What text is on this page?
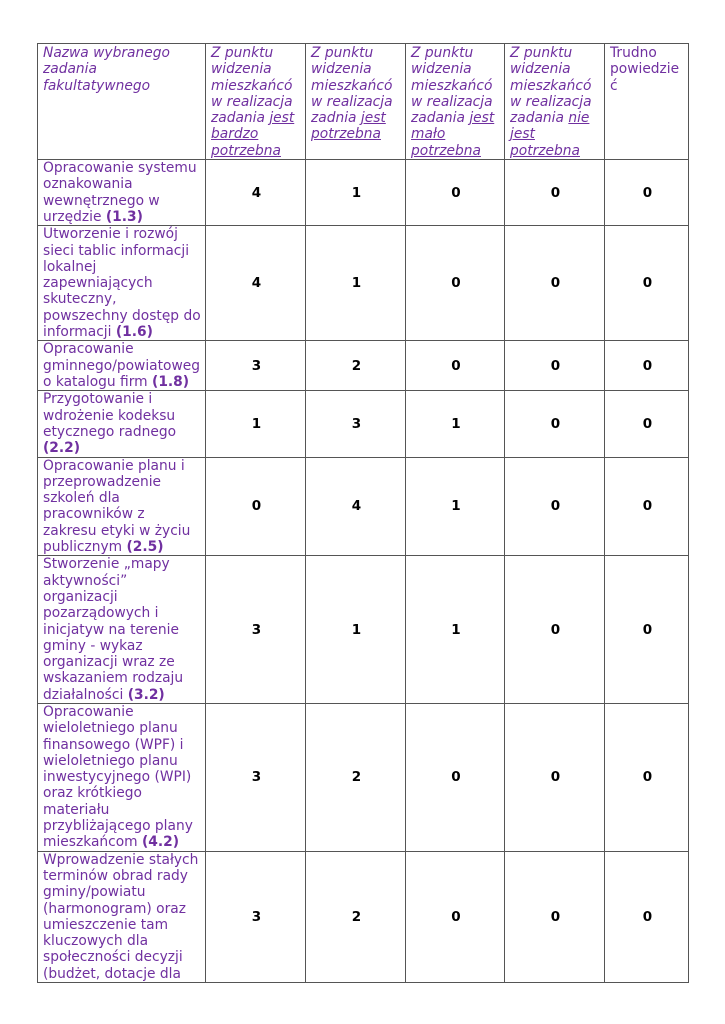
Nazwa wybranego zadania fakultatywnego	Z punktu widzenia mieszkańcó w realizacja zadania jest bardzo potrzebna	Z punktu widzenia mieszkańcó w realizacja zadnia jest potrzebna	Z punktu widzenia mieszkańcó w realizacja zadania jest mało potrzebna	Z punktu widzenia mieszkańcó w realizacja zadania nie jest potrzebna	Trudno powiedzie ć
Opracowanie systemu oznakowania wewnętrznego w urzędzie (1.3)	4	1	0	0	0
Utworzenie i rozwój sieci tablic informacji lokalnej zapewniających skuteczny, powszechny dostęp do informacji (1.6)	4	1	0	0	0
Opracowanie gminnego/powiatoweg o katalogu firm (1.8)	3	2	0	0	0
Przygotowanie i wdrożenie kodeksu etycznego radnego (2.2)	1	3	1	0	0
Opracowanie planu i przeprowadzenie szkoleń dla pracowników z zakresu etyki w życiu publicznym (2.5)	0	4	1	0	0
Stworzenie „mapy aktywności” organizacji pozarządowych i inicjatyw na terenie gminy - wykaz organizacji wraz ze wskazaniem rodzaju działalności (3.2)	3	1	1	0	0
Opracowanie wieloletniego planu finansowego (WPF) i wieloletniego planu inwestycyjnego (WPI) oraz krótkiego materiału przybliżającego plany mieszkańcom (4.2)	3	2	0	0	0
Wprowadzenie stałych terminów obrad rady gminy/powiatu (harmonogram) oraz umieszczenie tam kluczowych dla społeczności decyzji (budżet, dotacje dla	3	2	0	0	0
